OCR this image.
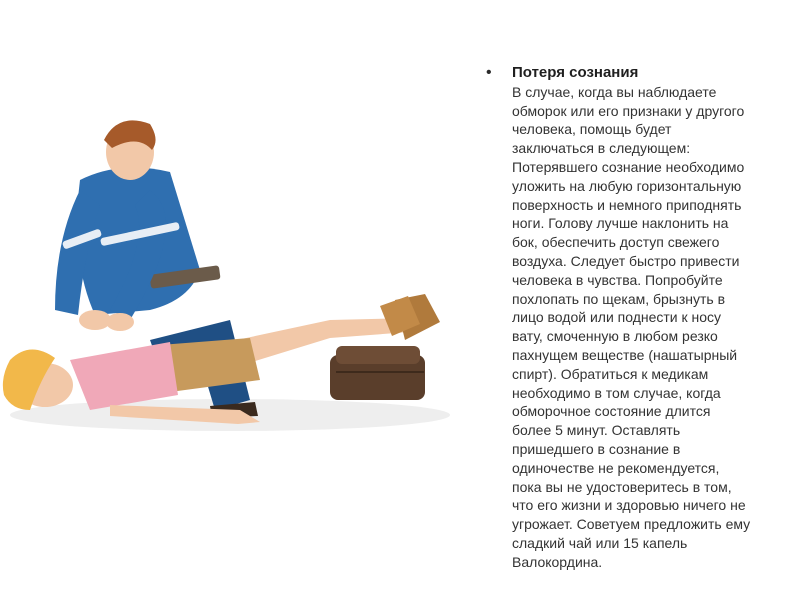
• Потеря сознания

В случае, когда вы наблюдаете
обморок или его признаки у другого
человека, помощь будет
заключаться в следующем:
Потерявшего сознание необходимо
уложить на любую горизонтальную
поверхность и немного приподнять
ноги. Голову лучше наклонить на
бок, обеспечить доступ свежего
воздуха. Следует быстро привести
человека в чувства. Попробуйте
похлопать по щекам, брызнуть в
лицо водой или поднести к носу
вату, смоченную в любом резко
пахнущем веществе (нашатырный
спирт). Обратиться к медикам
необходимо в том случае, когда
обморочное состояние длится
более 5 минут. Оставлять
пришедшего в сознание в
одиночестве не рекомендуется,
пока вы не удостоверитесь в том,
что его жизни и здоровью ничего не
угрожает. Советуем предложить ему
сладкий чай или 15 капель
Валокордина.
